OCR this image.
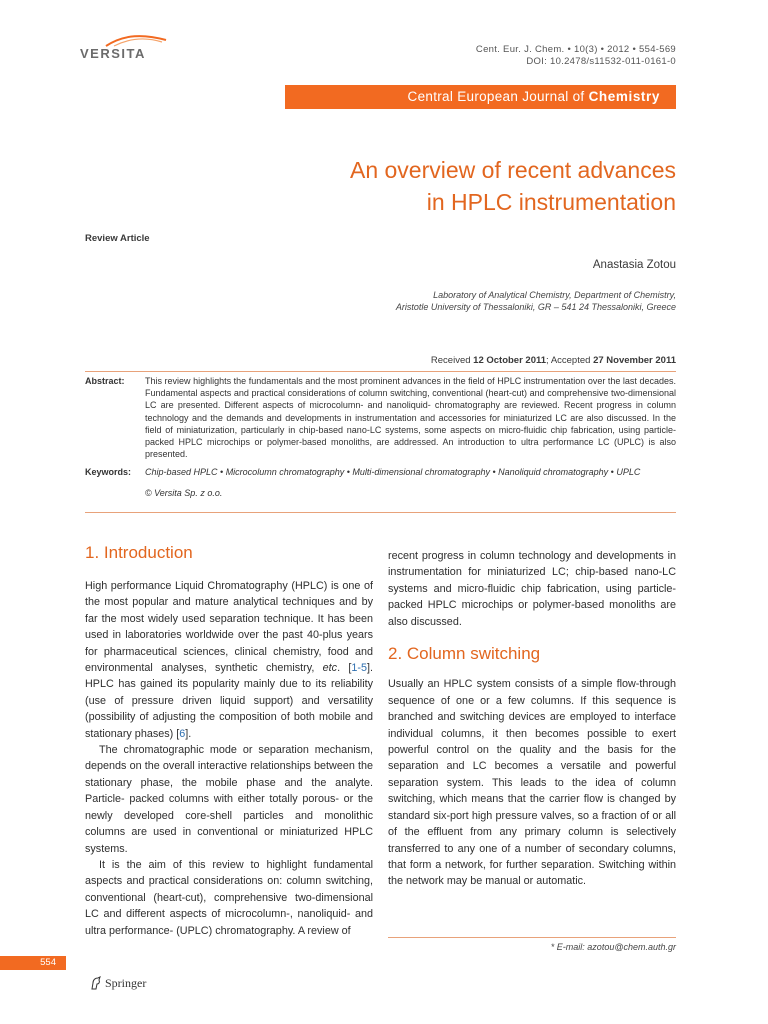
VERSITA	Cent. Eur. J. Chem. • 10(3) • 2012 • 554-569
DOI: 10.2478/s11532-011-0161-0
Central European Journal of Chemistry
An overview of recent advances
in HPLC instrumentation
Review Article
Anastasia Zotou
Laboratory of Analytical Chemistry, Department of Chemistry,
Aristotle University of Thessaloniki, GR – 541 24 Thessaloniki, Greece
Received 12 October 2011; Accepted 27 November 2011
Abstract:	This review highlights the fundamentals and the most prominent advances in the field of HPLC instrumentation over the last decades. Fundamental aspects and practical considerations of column switching, conventional (heart-cut) and comprehensive two-dimensional LC are presented. Different aspects of microcolumn- and nanoliquid- chromatography are reviewed. Recent progress in column technology and the demands and developments in instrumentation and accessories for miniaturized LC are also discussed. In the field of miniaturization, particularly in chip-based nano-LC systems, some aspects on micro-fluidic chip fabrication, using particle-packed HPLC microchips or polymer-based monoliths, are addressed. An introduction to ultra performance LC (UPLC) is also presented.
Keywords:	Chip-based HPLC • Microcolumn chromatography • Multi-dimensional chromatography • Nanoliquid chromatography • UPLC
© Versita Sp. z o.o.
1. Introduction

High performance Liquid Chromatography (HPLC) is one of the most popular and mature analytical techniques and by far the most widely used separation technique. It has been used in laboratories worldwide over the past 40-plus years for pharmaceutical sciences, clinical chemistry, food and environmental analyses, synthetic chemistry, etc. [1-5]. HPLC has gained its popularity mainly due to its reliability (use of pressure driven liquid support) and versatility (possibility of adjusting the composition of both mobile and stationary phases) [6].

The chromatographic mode or separation mechanism, depends on the overall interactive relationships between the stationary phase, the mobile phase and the analyte. Particle- packed columns with either totally porous- or the newly developed core-shell particles and monolithic columns are used in conventional or miniaturized HPLC systems.

It is the aim of this review to highlight fundamental aspects and practical considerations on: column switching, conventional (heart-cut), comprehensive two-dimensional LC and different aspects of microcolumn-, nanoliquid- and ultra performance- (UPLC) chromatography. A review of

recent progress in column technology and developments in instrumentation for miniaturized LC; chip-based nano-LC systems and micro-fluidic chip fabrication, using particle-packed HPLC microchips or polymer-based monoliths are also discussed.

2. Column switching

Usually an HPLC system consists of a simple flow-through sequence of one or a few columns. If this sequence is branched and switching devices are employed to interface individual columns, it then becomes possible to exert powerful control on the quality and the basis for the separation and LC becomes a versatile and powerful separation system. This leads to the idea of column switching, which means that the carrier flow is changed by standard six-port high pressure valves, so a fraction of or all of the effluent from any primary column is selectively transferred to any one of a number of secondary columns, that form a network, for further separation. Switching within the network may be manual or automatic.

* E-mail: azotou@chem.auth.gr
554
Springer
